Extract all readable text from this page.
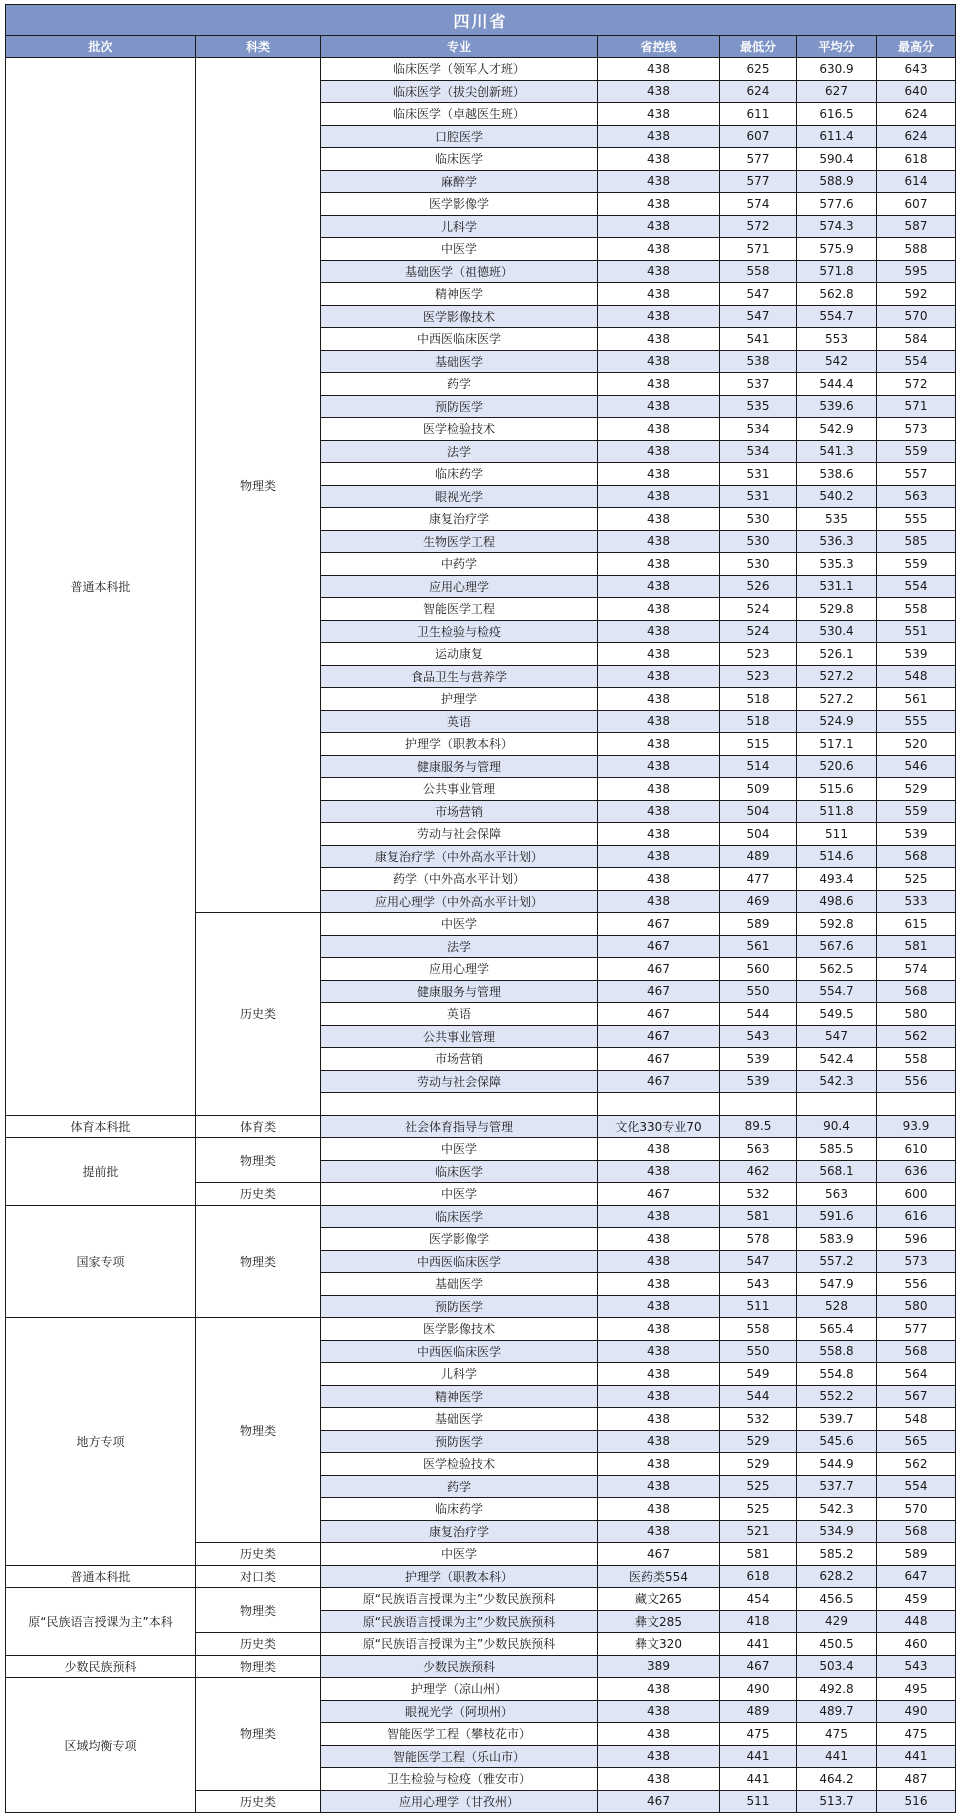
四川省						
批次	科类	专业	省控线	最低分	平均分	最高分
普通本科批	物理类	临床医学（领军人才班）	438	625	630.9	643
		临床医学（拔尖创新班）	438	624	627	640
		临床医学（卓越医生班）	438	611	616.5	624
		口腔医学	438	607	611.4	624
		临床医学	438	577	590.4	618
		麻醉学	438	577	588.9	614
		医学影像学	438	574	577.6	607
		儿科学	438	572	574.3	587
		中医学	438	571	575.9	588
		基础医学（祖德班）	438	558	571.8	595
		精神医学	438	547	562.8	592
		医学影像技术	438	547	554.7	570
		中西医临床医学	438	541	553	584
		基础医学	438	538	542	554
		药学	438	537	544.4	572
		预防医学	438	535	539.6	571
		医学检验技术	438	534	542.9	573
		法学	438	534	541.3	559
		临床药学	438	531	538.6	557
		眼视光学	438	531	540.2	563
		康复治疗学	438	530	535	555
		生物医学工程	438	530	536.3	585
		中药学	438	530	535.3	559
		应用心理学	438	526	531.1	554
		智能医学工程	438	524	529.8	558
		卫生检验与检疫	438	524	530.4	551
		运动康复	438	523	526.1	539
		食品卫生与营养学	438	523	527.2	548
		护理学	438	518	527.2	561
		英语	438	518	524.9	555
		护理学（职教本科）	438	515	517.1	520
		健康服务与管理	438	514	520.6	546
		公共事业管理	438	509	515.6	529
		市场营销	438	504	511.8	559
		劳动与社会保障	438	504	511	539
		康复治疗学（中外高水平计划）	438	489	514.6	568
		药学（中外高水平计划）	438	477	493.4	525
		应用心理学（中外高水平计划）	438	469	498.6	533
	历史类	中医学	467	589	592.8	615
		法学	467	561	567.6	581
		应用心理学	467	560	562.5	574
		健康服务与管理	467	550	554.7	568
		英语	467	544	549.5	580
		公共事业管理	467	543	547	562
		市场营销	467	539	542.4	558
		劳动与社会保障	467	539	542.3	556

体育本科批	体育类	社会体育指导与管理	文化330专业70	89.5	90.4	93.9
提前批	物理类	中医学	438	563	585.5	610
		临床医学	438	462	568.1	636
	历史类	中医学	467	532	563	600
国家专项	物理类	临床医学	438	581	591.6	616
		医学影像学	438	578	583.9	596
		中西医临床医学	438	547	557.2	573
		基础医学	438	543	547.9	556
		预防医学	438	511	528	580
地方专项	物理类	医学影像技术	438	558	565.4	577
		中西医临床医学	438	550	558.8	568
		儿科学	438	549	554.8	564
		精神医学	438	544	552.2	567
		基础医学	438	532	539.7	548
		预防医学	438	529	545.6	565
		医学检验技术	438	529	544.9	562
		药学	438	525	537.7	554
		临床药学	438	525	542.3	570
		康复治疗学	438	521	534.9	568
	历史类	中医学	467	581	585.2	589
普通本科批	对口类	护理学（职教本科）	医药类554	618	628.2	647
原“民族语言授课为主”本科	物理类	原“民族语言授课为主”少数民族预科	藏文265	454	456.5	459
		原“民族语言授课为主”少数民族预科	彝文285	418	429	448
	历史类	原“民族语言授课为主”少数民族预科	彝文320	441	450.5	460
少数民族预科	物理类	少数民族预科	389	467	503.4	543
区域均衡专项	物理类	护理学（凉山州）	438	490	492.8	495
		眼视光学（阿坝州）	438	489	489.7	490
		智能医学工程（攀枝花市）	438	475	475	475
		智能医学工程（乐山市）	438	441	441	441
		卫生检验与检疫（雅安市）	438	441	464.2	487
	历史类	应用心理学（甘孜州）	467	511	513.7	516
